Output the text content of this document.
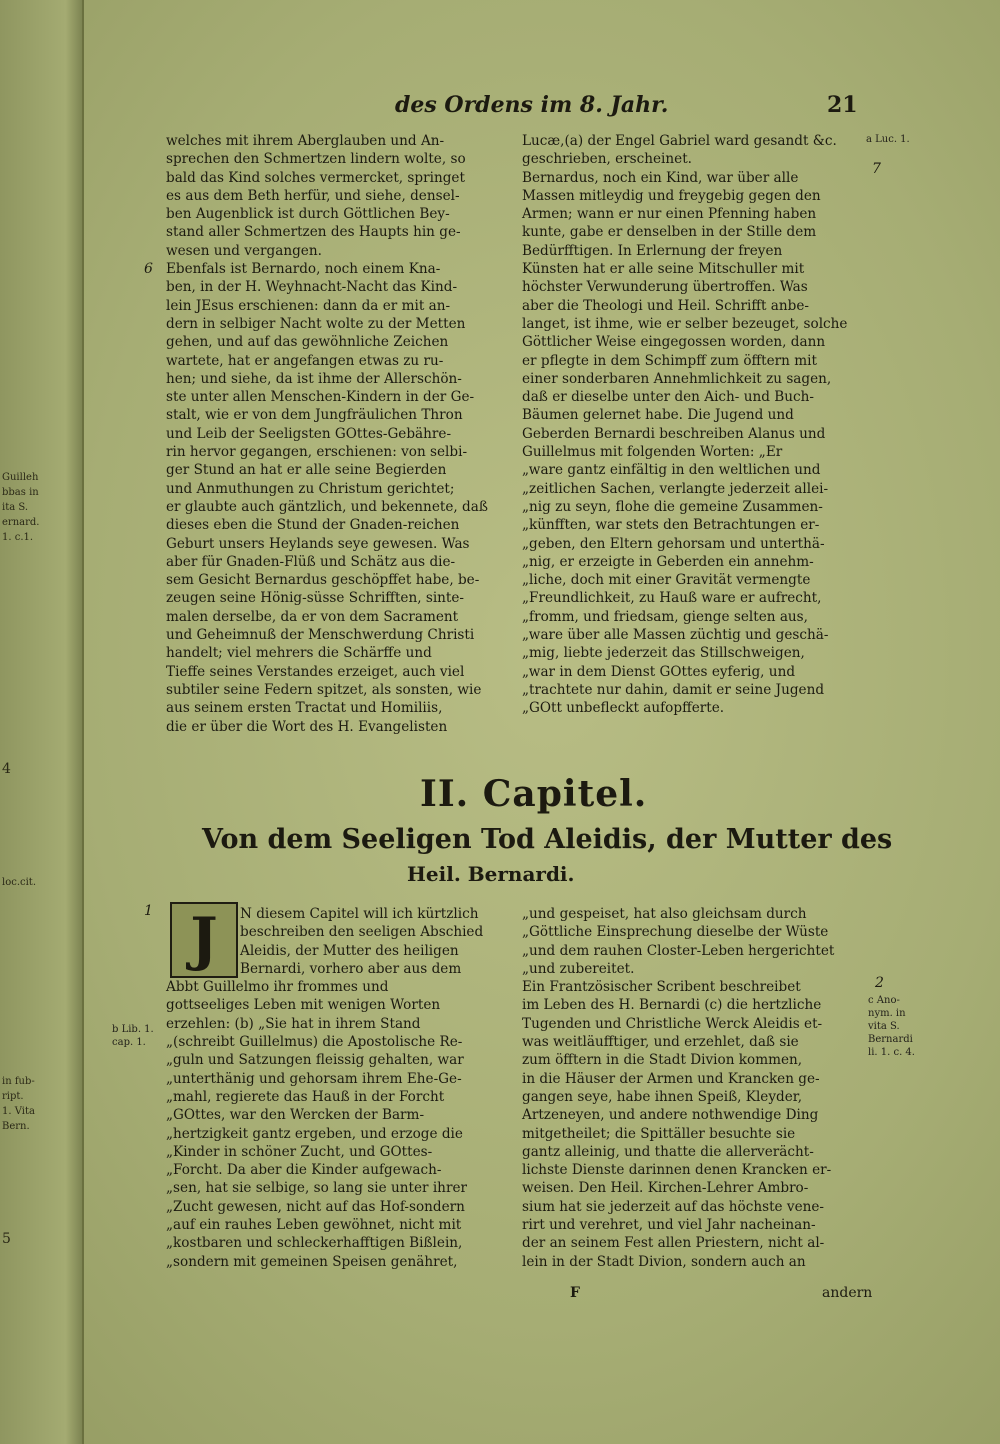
Guilleh
bbas in
ita S.
ernard.
1. c.1.
4
loc.cit.
in fub-
ript.
1. Vita
Bern.
5
des Ordens im 8. Jahr.	21
welches mit ihrem Aberglauben und An-
sprechen den Schmertzen lindern wolte, so
bald das Kind solches vermercket, springet
es aus dem Beth herfür, und siehe, densel-
ben Augenblick ist durch Göttlichen Bey-
stand aller Schmertzen des Haupts hin ge-
wesen und vergangen.
Ebenfals ist Bernardo, noch einem Kna-
ben, in der H. Weyhnacht-Nacht das Kind-
lein JEsus erschienen: dann da er mit an-
dern in selbiger Nacht wolte zu der Metten
gehen, und auf das gewöhnliche Zeichen
wartete, hat er angefangen etwas zu ru-
hen; und siehe, da ist ihme der Allerschön-
ste unter allen Menschen-Kindern in der Ge-
stalt, wie er von dem Jungfräulichen Thron
und Leib der Seeligsten GOttes-Gebähre-
rin hervor gegangen, erschienen: von selbi-
ger Stund an hat er alle seine Begierden
und Anmuthungen zu Christum gerichtet;
er glaubte auch gäntzlich, und bekennete, daß
dieses eben die Stund der Gnaden-reichen
Geburt unsers Heylands seye gewesen. Was
aber für Gnaden-Flüß und Schätz aus die-
sem Gesicht Bernardus geschöpffet habe, be-
zeugen seine Hönig-süsse Schrifften, sinte-
malen derselbe, da er von dem Sacrament
und Geheimnuß der Menschwerdung Christi
handelt; viel mehrers die Schärffe und
Tieffe seines Verstandes erzeiget, auch viel
subtiler seine Federn spitzet, als sonsten, wie
aus seinem ersten Tractat und Homiliis,
die er über die Wort des H. Evangelisten
Lucæ,(a) der Engel Gabriel ward gesandt &c.
geschrieben, erscheinet.
Bernardus, noch ein Kind, war über alle
Massen mitleydig und freygebig gegen den
Armen; wann er nur einen Pfenning haben
kunte, gabe er denselben in der Stille dem
Bedürfftigen. In Erlernung der freyen
Künsten hat er alle seine Mitschuller mit
höchster Verwunderung übertroffen. Was
aber die Theologi und Heil. Schrifft anbe-
langet, ist ihme, wie er selber bezeuget, solche
Göttlicher Weise eingegossen worden, dann
er pflegte in dem Schimpff zum öfftern mit
einer sonderbaren Annehmlichkeit zu sagen,
daß er dieselbe unter den Aich- und Buch-
Bäumen gelernet habe. Die Jugend und
Geberden Bernardi beschreiben Alanus und
Guillelmus mit folgenden Worten: „Er
„ware gantz einfältig in den weltlichen und
„zeitlichen Sachen, verlangte jederzeit allei-
„nig zu seyn, flohe die gemeine Zusammen-
„künfften, war stets den Betrachtungen er-
„geben, den Eltern gehorsam und unterthä-
„nig, er erzeigte in Geberden ein annehm-
„liche, doch mit einer Gravität vermengte
„Freundlichkeit, zu Hauß ware er aufrecht,
„fromm, und friedsam, gienge selten aus,
„ware über alle Massen züchtig und geschä-
„mig, liebte jederzeit das Stillschweigen,
„war in dem Dienst GOttes eyferig, und
„trachtete nur dahin, damit er seine Jugend
„GOtt unbefleckt aufopfferte.
6
7
a Luc. 1.
II. Capitel.
Von dem Seeligen Tod Aleidis, der Mutter des
Heil. Bernardi.
J
1	N diesem Capitel will ich kürtzlich
beschreiben den seeligen Abschied
Aleidis, der Mutter des heiligen
Bernardi, vorhero aber aus dem
Abbt Guillelmo ihr frommes und
gottseeliges Leben mit wenigen Worten
erzehlen: (b) „Sie hat in ihrem Stand
„(schreibt Guillelmus) die Apostolische Re-
„guln und Satzungen fleissig gehalten, war
„unterthänig und gehorsam ihrem Ehe-Ge-
„mahl, regierete das Hauß in der Forcht
„GOttes, war den Wercken der Barm-
„hertzigkeit gantz ergeben, und erzoge die
„Kinder in schöner Zucht, und GOttes-
„Forcht. Da aber die Kinder aufgewach-
„sen, hat sie selbige, so lang sie unter ihrer
„Zucht gewesen, nicht auf das Hof-sondern
„auf ein rauhes Leben gewöhnet, nicht mit
„kostbaren und schleckerhafftigen Bißlein,
„sondern mit gemeinen Speisen genähret,
„und gespeiset, hat also gleichsam durch
„Göttliche Einsprechung dieselbe der Wüste
„und dem rauhen Closter-Leben hergerichtet
„und zubereitet.
Ein Frantzösischer Scribent beschreibet
im Leben des H. Bernardi (c) die hertzliche
Tugenden und Christliche Werck Aleidis et-
was weitläufftiger, und erzehlet, daß sie
zum öfftern in die Stadt Divion kommen,
in die Häuser der Armen und Krancken ge-
gangen seye, habe ihnen Speiß, Kleyder,
Artzeneyen, und andere nothwendige Ding
mitgetheilet; die Spittäller besuchte sie
gantz alleinig, und thatte die allerverächt-
lichste Dienste darinnen denen Krancken er-
weisen. Den Heil. Kirchen-Lehrer Ambro-
sium hat sie jederzeit auf das höchste vene-
rirt und verehret, und viel Jahr nacheinan-
der an seinem Fest allen Priestern, nicht al-
lein in der Stadt Divion, sondern auch an
b Lib. 1.
cap. 1.
2
c Ano-
nym. in
vita S.
Bernardi
li. 1. c. 4.
F	andern
